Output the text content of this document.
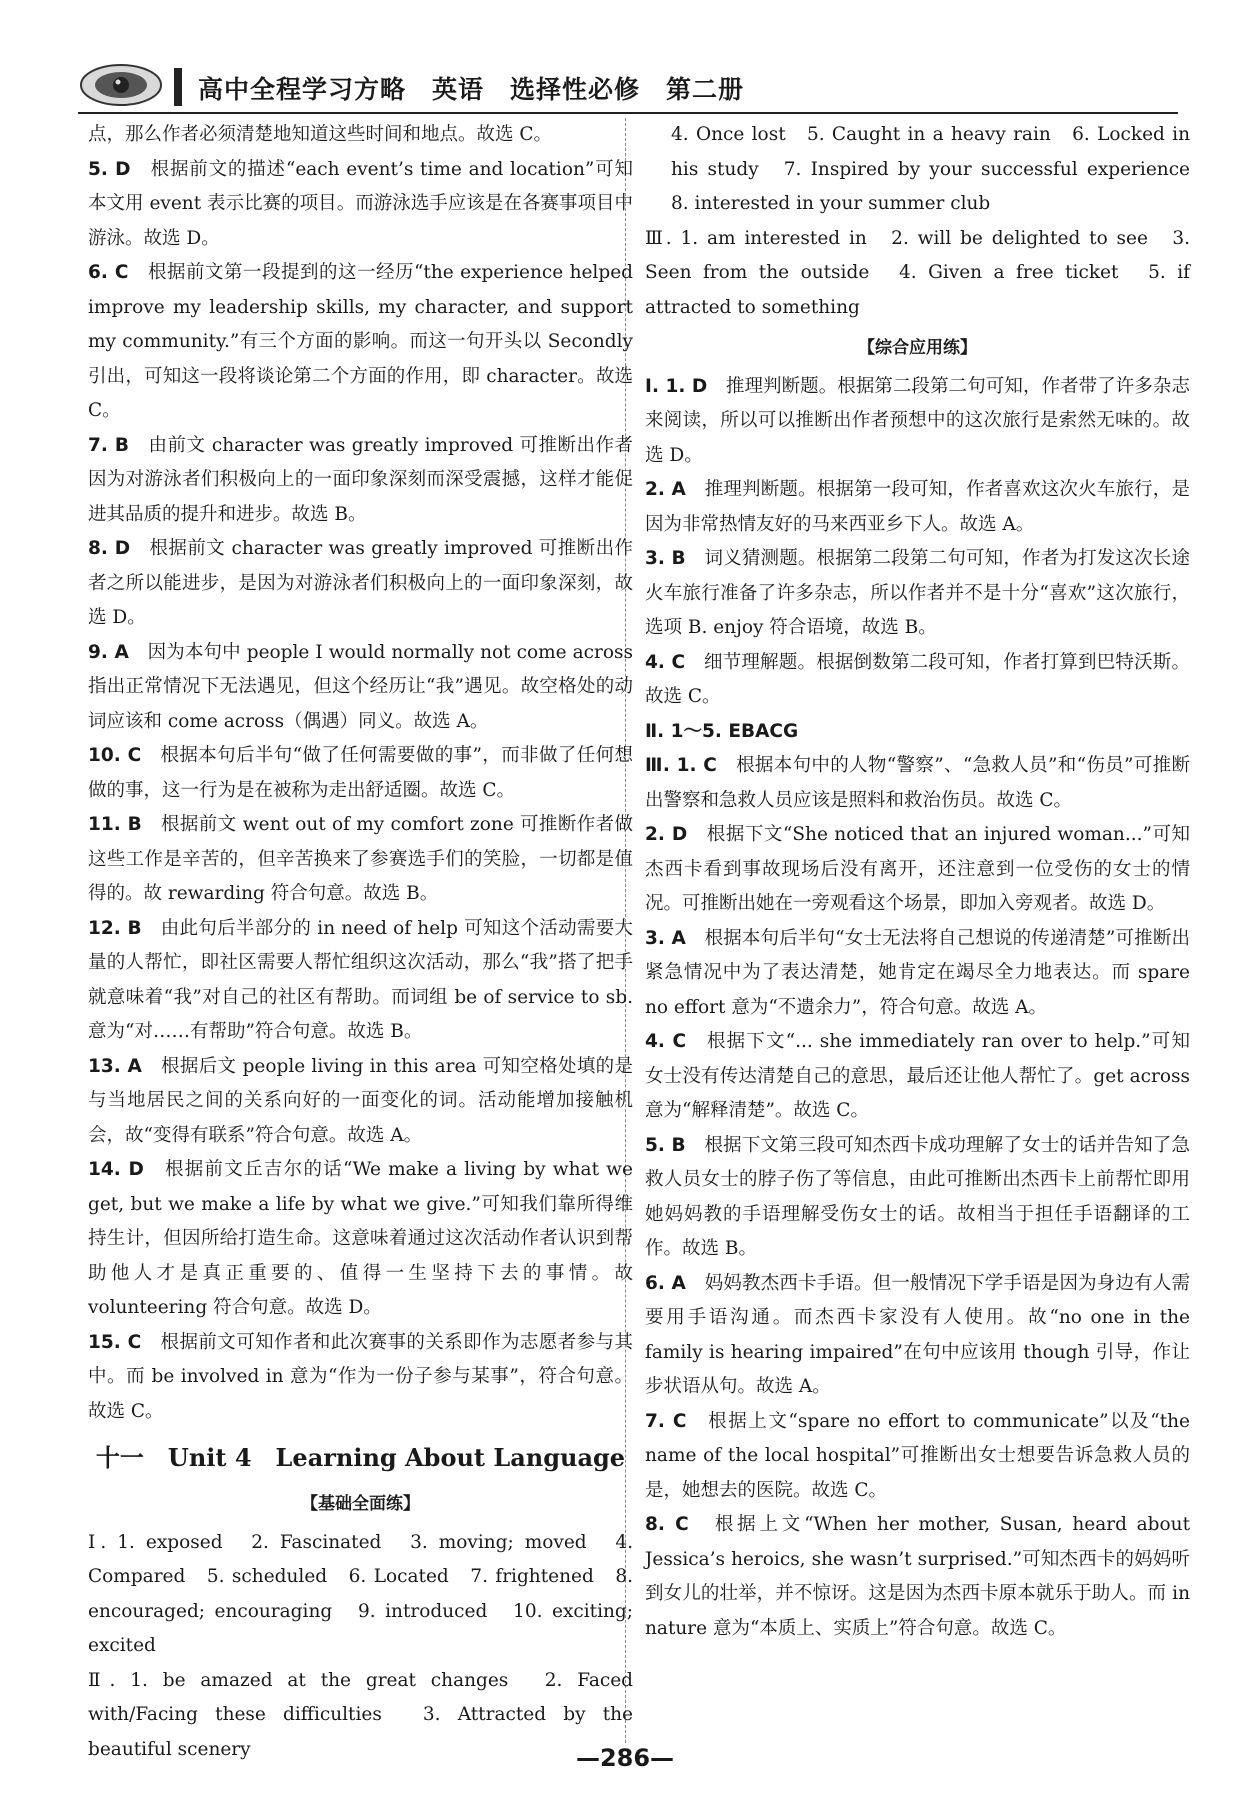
高中全程学习方略　英语　选择性必修　第二册

点，那么作者必须清楚地知道这些时间和地点。故选 C。

5. D　 根据前文的描述“each event’s time and location”可知本文用 event 表示比赛的项目。而游泳选手应该是在各赛事项目中游泳。故选 D。

6. C　 根据前文第一段提到的这一经历“the experience helped improve my leadership skills, my character, and support my community.”有三个方面的影响。而这一句开头以 Secondly 引出，可知这一段将谈论第二个方面的作用，即 character。故选 C。

7. B　 由前文 character was greatly improved 可推断出作者因为对游泳者们积极向上的一面印象深刻而深受震撼，这样才能促进其品质的提升和进步。故选 B。

8. D　 根据前文 character was greatly improved 可推断出作者之所以能进步，是因为对游泳者们积极向上的一面印象深刻，故选 D。

9. A　 因为本句中 people I would normally not come across 指出正常情况下无法遇见，但这个经历让“我”遇见。故空格处的动词应该和 come across（偶遇）同义。故选 A。

10. C　 根据本句后半句“做了任何需要做的事”，而非做了任何想做的事，这一行为是在被称为走出舒适圈。故选 C。

11. B　 根据前文 went out of my comfort zone 可推断作者做这些工作是辛苦的，但辛苦换来了参赛选手们的笑脸，一切都是值得的。故 rewarding 符合句意。故选 B。

12. B　 由此句后半部分的 in need of help 可知这个活动需要大量的人帮忙，即社区需要人帮忙组织这次活动，那么“我”搭了把手就意味着“我”对自己的社区有帮助。而词组 be of service to sb. 意为“对……有帮助”符合句意。故选 B。

13. A　 根据后文 people living in this area 可知空格处填的是与当地居民之间的关系向好的一面变化的词。活动能增加接触机会，故“变得有联系”符合句意。故选 A。

14. D　 根据前文丘吉尔的话“We make a living by what we get, but we make a life by what we give.”可知我们靠所得维持生计，但因所给打造生命。这意味着通过这次活动作者认识到帮助他人才是真正重要的、值得一生坚持下去的事情。故 volunteering 符合句意。故选 D。

15. C　 根据前文可知作者和此次赛事的关系即作为志愿者参与其中。而 be involved in 意为“作为一份子参与某事”，符合句意。故选 C。

十一　Unit 4　Learning About Language
【基础全面练】

Ⅰ. 1. exposed　2. Fascinated　3. moving; moved　4. Compared　5. scheduled　6. Located　7. frightened　8. encouraged; encouraging　9. introduced　10. exciting; excited

Ⅱ. 1. be amazed at the great changes　2. Faced with/Facing these difficulties　3. Attracted by the beautiful scenery

4. Once lost　5. Caught in a heavy rain　6. Locked in his study　7. Inspired by your successful experience　8. interested in your summer club

Ⅲ. 1. am interested in　2. will be delighted to see　3. Seen from the outside　4. Given a free ticket　5. if attracted to something

【综合应用练】

Ⅰ. 1. D　 推理判断题。根据第二段第二句可知，作者带了许多杂志来阅读，所以可以推断出作者预想中的这次旅行是索然无味的。故选 D。

2. A　 推理判断题。根据第一段可知，作者喜欢这次火车旅行，是因为非常热情友好的马来西亚乡下人。故选 A。

3. B　 词义猜测题。根据第二段第二句可知，作者为打发这次长途火车旅行准备了许多杂志，所以作者并不是十分“喜欢”这次旅行，选项 B. enjoy 符合语境，故选 B。

4. C　 细节理解题。根据倒数第二段可知，作者打算到巴特沃斯。故选 C。

Ⅱ. 1～5. EBACG

Ⅲ. 1. C　 根据本句中的人物“警察”、“急救人员”和“伤员”可推断出警察和急救人员应该是照料和救治伤员。故选 C。

2. D　 根据下文“She noticed that an injured woman...”可知杰西卡看到事故现场后没有离开，还注意到一位受伤的女士的情况。可推断出她在一旁观看这个场景，即加入旁观者。故选 D。

3. A　 根据本句后半句“女士无法将自己想说的传递清楚”可推断出紧急情况中为了表达清楚，她肯定在竭尽全力地表达。而 spare no effort 意为“不遗余力”，符合句意。故选 A。

4. C　 根据下文“... she immediately ran over to help.”可知女士没有传达清楚自己的意思，最后还让他人帮忙了。get across 意为“解释清楚”。故选 C。

5. B　 根据下文第三段可知杰西卡成功理解了女士的话并告知了急救人员女士的脖子伤了等信息，由此可推断出杰西卡上前帮忙即用她妈妈教的手语理解受伤女士的话。故相当于担任手语翻译的工作。故选 B。

6. A　 妈妈教杰西卡手语。但一般情况下学手语是因为身边有人需要用手语沟通。而杰西卡家没有人使用。故“no one in the family is hearing impaired”在句中应该用 though 引导，作让步状语从句。故选 A。

7. C　 根据上文“spare no effort to communicate”以及“the name of the local hospital”可推断出女士想要告诉急救人员的是，她想去的医院。故选 C。

8. C　 根据上文“When her mother, Susan, heard about Jessica’s heroics, she wasn’t surprised.”可知杰西卡的妈妈听到女儿的壮举，并不惊讶。这是因为杰西卡原本就乐于助人。而 in nature 意为“本质上、实质上”符合句意。故选 C。

—286—
